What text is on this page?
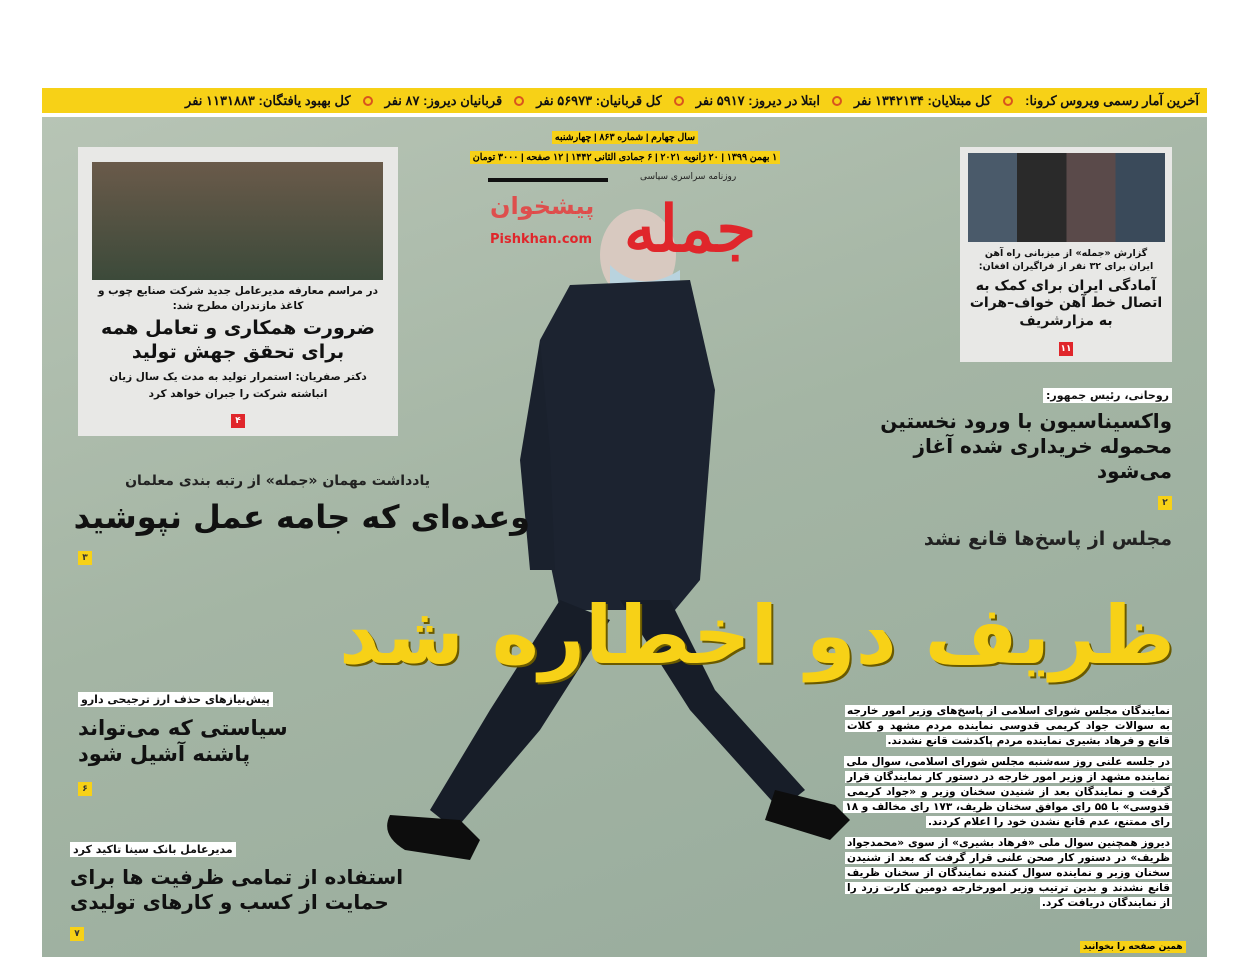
آخرین آمار رسمی ویروس کرونا:
کل مبتلایان: ۱۳۴۲۱۳۴ نفر
ابتلا در دیروز: ۵۹۱۷ نفر
کل قربانیان: ۵۶۹۷۳ نفر
قربانیان دیروز: ۸۷ نفر
کل بهبود یافتگان: ۱۱۳۱۸۸۳ نفر
سال چهارم | شماره ۸۶۳ | چهارشنبه
۱ بهمن ۱۳۹۹ | ۲۰ ژانویه ۲۰۲۱ | ۶ جمادی الثانی ۱۴۴۲ | ۱۲ صفحه | ۳۰۰۰ تومان
روزنامه سراسری سیاسی
جمله
پیشخوان
Pishkhan.com
در مراسم معارفه مدیرعامل جدید شرکت صنایع چوب و کاغذ مازندران مطرح شد:
ضرورت همکاری و تعامل همه برای تحقق جهش تولید
دکتر صفریان: استمرار تولید به مدت یک سال زیان انباشته شرکت را جبران خواهد کرد
۴
گزارش «جمله» از میزبانی راه آهن ایران برای ۳۲ نفر از فراگیران افغان:
آمادگی ایران برای کمک به اتصال خط آهن خواف–هرات به مزارشریف
۱۱
روحانی، رئیس جمهور:
واکسیناسیون با ورود نخستین محموله خریداری شده آغاز می‌شود
۲
یادداشت مهمان «جمله» از رتبه بندی معلمان
وعده‌ای که جامه عمل نپوشید
۳
مجلس از پاسخ‌ها قانع نشد
ظریف دو اخطاره شد

نمایندگان مجلس شورای اسلامی از پاسخ‌های وزیر امور خارجه به سوالات جواد کریمی قدوسی نماینده مردم مشهد و کلات قانع و فرهاد بشیری نماینده مردم پاکدشت قانع نشدند.

در جلسه علنی روز سه‌شنبه مجلس شورای اسلامی، سوال ملی نماینده مشهد از وزیر امور خارجه در دستور کار نمایندگان قرار گرفت و نمایندگان بعد از شنیدن سخنان وزیر و «جواد کریمی قدوسی» با ۵۵ رای موافق سخنان ظریف، ۱۷۳ رای مخالف و ۱۸ رای ممتنع، عدم قانع نشدن خود را اعلام کردند.

دیروز همچنین سوال ملی «فرهاد بشیری» از سوی «محمدجواد ظریف» در دستور کار صحن علنی قرار گرفت که بعد از شنیدن سخنان وزیر و نماینده سوال کننده نمایندگان از سخنان ظریف قانع نشدند و بدین ترتیب وزیر امورخارجه دومین کارت زرد را از نمایندگان دریافت کرد.

همین صفحه را بخوانید
پیش‌نیازهای حذف ارز ترجیحی دارو
سیاستی که می‌تواند پاشنه آشیل شود
۶
مدیرعامل بانک سینا تاکید کرد
استفاده از تمامی ظرفیت ها برای حمایت از کسب و کارهای تولیدی
۷
